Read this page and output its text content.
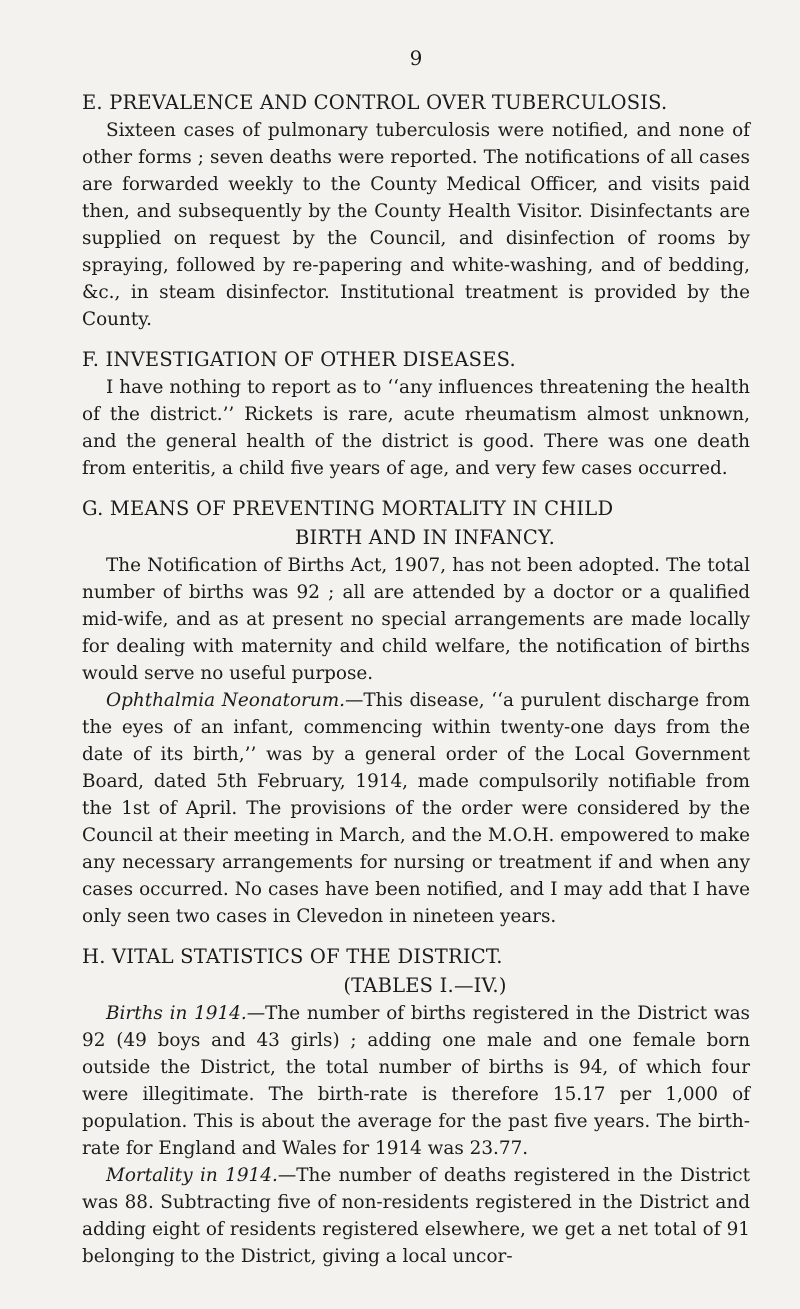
9
E. PREVALENCE AND CONTROL OVER TUBERCULOSIS.

Sixteen cases of pulmonary tuberculosis were notified, and none of other forms ; seven deaths were reported. The notifications of all cases are forwarded weekly to the County Medical Officer, and visits paid then, and subsequently by the County Health Visitor. Disinfectants are supplied on request by the Council, and disinfection of rooms by spraying, followed by re-papering and white-washing, and of bedding, &c., in steam disinfector. Institutional treatment is provided by the County.

F. INVESTIGATION OF OTHER DISEASES.

I have nothing to report as to ‘‘any influences threatening the health of the district.’’ Rickets is rare, acute rheumatism almost unknown, and the general health of the district is good. There was one death from enteritis, a child five years of age, and very few cases occurred.

G. MEANS OF PREVENTING MORTALITY IN CHILD
BIRTH AND IN INFANCY.

The Notification of Births Act, 1907, has not been adopted. The total number of births was 92 ; all are attended by a doctor or a qualified mid-wife, and as at present no special arrangements are made locally for dealing with maternity and child welfare, the notification of births would serve no useful purpose.

Ophthalmia Neonatorum.—This disease, ‘‘a purulent discharge from the eyes of an infant, commencing within twenty-one days from the date of its birth,’’ was by a general order of the Local Government Board, dated 5th February, 1914, made compulsorily notifiable from the 1st of April. The provisions of the order were considered by the Council at their meeting in March, and the M.O.H. empowered to make any necessary arrangements for nursing or treatment if and when any cases occurred. No cases have been notified, and I may add that I have only seen two cases in Clevedon in nineteen years.

H. VITAL STATISTICS OF THE DISTRICT.
(TABLES I.—IV.)

Births in 1914.—The number of births registered in the District was 92 (49 boys and 43 girls) ; adding one male and one female born outside the District, the total number of births is 94, of which four were illegitimate. The birth-rate is therefore 15.17 per 1,000 of population. This is about the average for the past five years. The birth-rate for England and Wales for 1914 was 23.77.

Mortality in 1914.—The number of deaths registered in the District was 88. Subtracting five of non-residents registered in the District and adding eight of residents registered elsewhere, we get a net total of 91 belonging to the District, giving a local uncor-
